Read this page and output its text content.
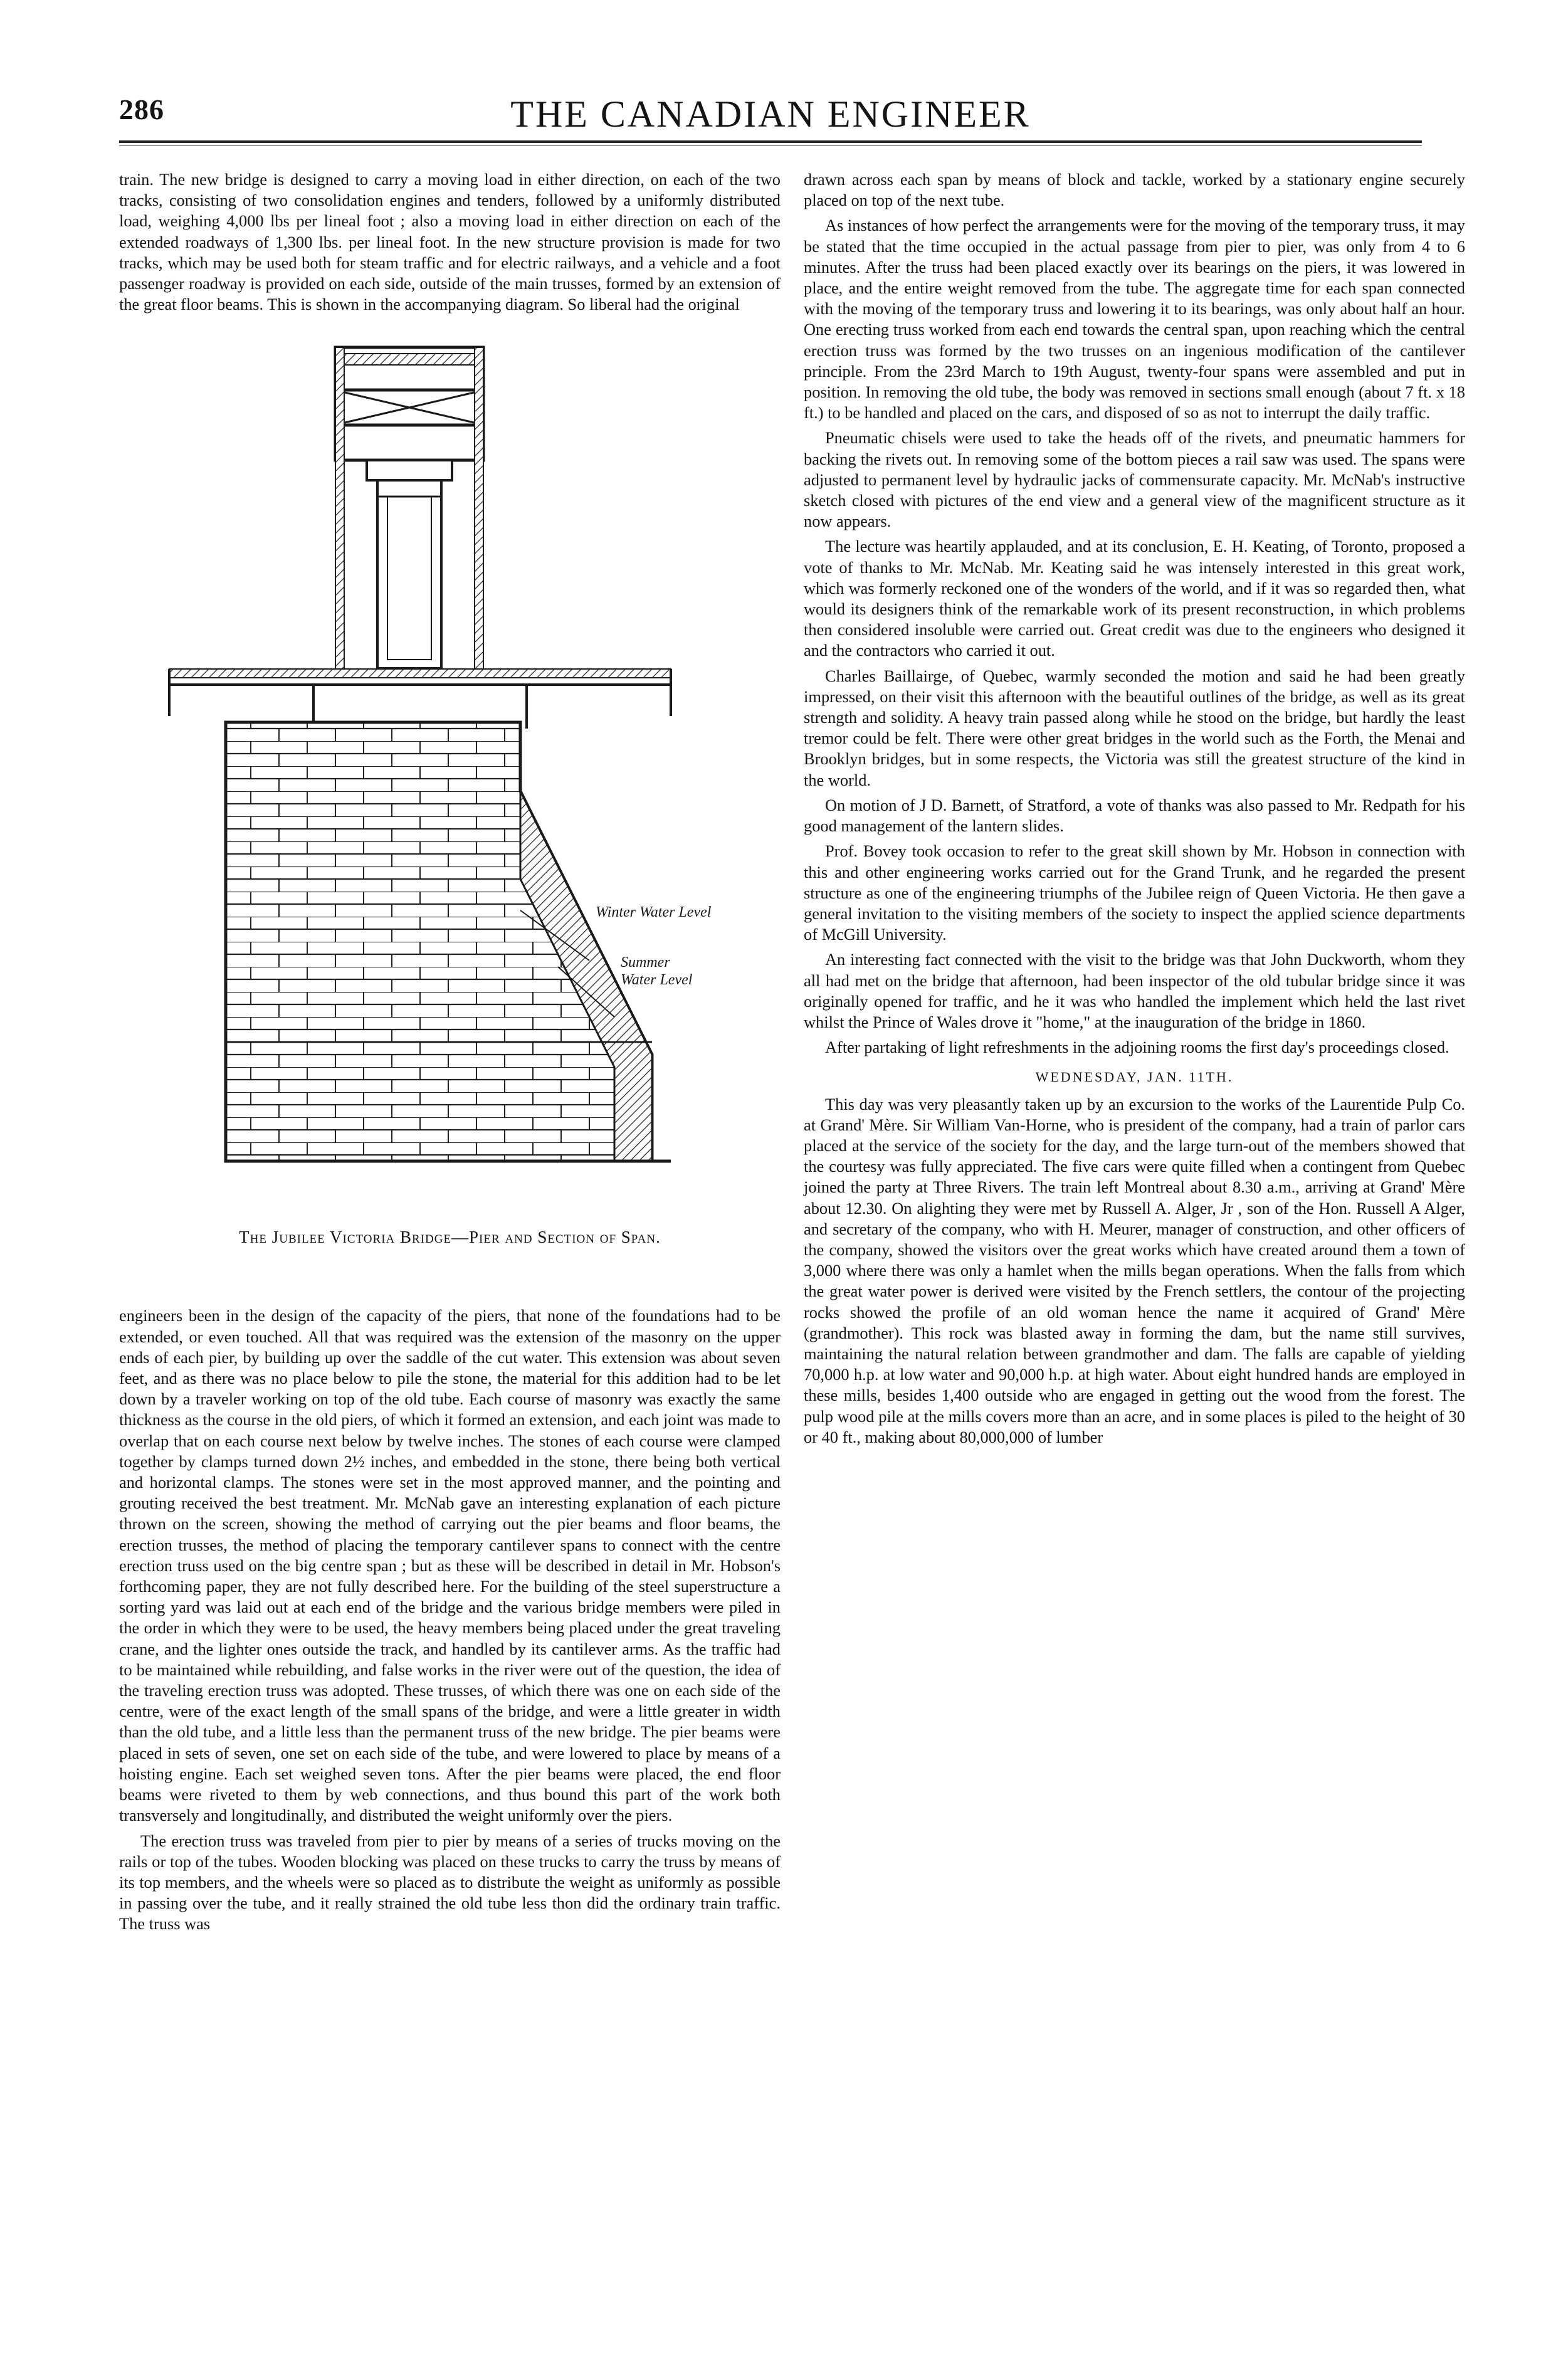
286	THE CANADIAN ENGINEER

train. The new bridge is designed to carry a moving load in either direction, on each of the two tracks, consisting of two consolidation engines and tenders, followed by a uniformly distributed load, weighing 4,000 lbs per lineal foot ; also a moving load in either direction on each of the extended roadways of 1,300 lbs. per lineal foot. In the new structure provision is made for two tracks, which may be used both for steam traffic and for electric railways, and a vehicle and a foot passenger roadway is provided on each side, outside of the main trusses, formed by an extension of the great floor beams. This is shown in the accompanying diagram. So liberal had the original

Winter Water Level
Summer
Water Level
The Jubilee Victoria Bridge—Pier and Section of Span.

engineers been in the design of the capacity of the piers, that none of the foundations had to be extended, or even touched. All that was required was the extension of the masonry on the upper ends of each pier, by building up over the saddle of the cut water. This extension was about seven feet, and as there was no place below to pile the stone, the material for this addition had to be let down by a traveler working on top of the old tube. Each course of masonry was exactly the same thickness as the course in the old piers, of which it formed an extension, and each joint was made to overlap that on each course next below by twelve inches. The stones of each course were clamped together by clamps turned down 2½ inches, and embedded in the stone, there being both vertical and horizontal clamps. The stones were set in the most approved manner, and the pointing and grouting received the best treatment. Mr. McNab gave an interesting explanation of each picture thrown on the screen, showing the method of carrying out the pier beams and floor beams, the erection trusses, the method of placing the temporary cantilever spans to connect with the centre erection truss used on the big centre span ; but as these will be described in detail in Mr. Hobson's forthcoming paper, they are not fully described here. For the building of the steel superstructure a sorting yard was laid out at each end of the bridge and the various bridge members were piled in the order in which they were to be used, the heavy members being placed under the great traveling crane, and the lighter ones outside the track, and handled by its cantilever arms. As the traffic had to be maintained while rebuilding, and false works in the river were out of the question, the idea of the traveling erection truss was adopted. These trusses, of which there was one on each side of the centre, were of the exact length of the small spans of the bridge, and were a little greater in width than the old tube, and a little less than the permanent truss of the new bridge. The pier beams were placed in sets of seven, one set on each side of the tube, and were lowered to place by means of a hoisting engine. Each set weighed seven tons. After the pier beams were placed, the end floor beams were riveted to them by web connections, and thus bound this part of the work both transversely and longitudinally, and distributed the weight uniformly over the piers.

The erection truss was traveled from pier to pier by means of a series of trucks moving on the rails or top of the tubes. Wooden blocking was placed on these trucks to carry the truss by means of its top members, and the wheels were so placed as to distribute the weight as uniformly as possible in passing over the tube, and it really strained the old tube less thon did the ordinary train traffic. The truss was

drawn across each span by means of block and tackle, worked by a stationary engine securely placed on top of the next tube.

As instances of how perfect the arrangements were for the moving of the temporary truss, it may be stated that the time occupied in the actual passage from pier to pier, was only from 4 to 6 minutes. After the truss had been placed exactly over its bearings on the piers, it was lowered in place, and the entire weight removed from the tube. The aggregate time for each span connected with the moving of the temporary truss and lowering it to its bearings, was only about half an hour. One erecting truss worked from each end towards the central span, upon reaching which the central erection truss was formed by the two trusses on an ingenious modification of the cantilever principle. From the 23rd March to 19th August, twenty-four spans were assembled and put in position. In removing the old tube, the body was removed in sections small enough (about 7 ft. x 18 ft.) to be handled and placed on the cars, and disposed of so as not to interrupt the daily traffic.

Pneumatic chisels were used to take the heads off of the rivets, and pneumatic hammers for backing the rivets out. In removing some of the bottom pieces a rail saw was used. The spans were adjusted to permanent level by hydraulic jacks of commensurate capacity. Mr. McNab's instructive sketch closed with pictures of the end view and a general view of the magnificent structure as it now appears.

The lecture was heartily applauded, and at its conclusion, E. H. Keating, of Toronto, proposed a vote of thanks to Mr. McNab. Mr. Keating said he was intensely interested in this great work, which was formerly reckoned one of the wonders of the world, and if it was so regarded then, what would its designers think of the remarkable work of its present reconstruction, in which problems then considered insoluble were carried out. Great credit was due to the engineers who designed it and the contractors who carried it out.

Charles Baillairge, of Quebec, warmly seconded the motion and said he had been greatly impressed, on their visit this afternoon with the beautiful outlines of the bridge, as well as its great strength and solidity. A heavy train passed along while he stood on the bridge, but hardly the least tremor could be felt. There were other great bridges in the world such as the Forth, the Menai and Brooklyn bridges, but in some respects, the Victoria was still the greatest structure of the kind in the world.

On motion of J D. Barnett, of Stratford, a vote of thanks was also passed to Mr. Redpath for his good management of the lantern slides.

Prof. Bovey took occasion to refer to the great skill shown by Mr. Hobson in connection with this and other engineering works carried out for the Grand Trunk, and he regarded the present structure as one of the engineering triumphs of the Jubilee reign of Queen Victoria. He then gave a general invitation to the visiting members of the society to inspect the applied science departments of McGill University.

An interesting fact connected with the visit to the bridge was that John Duckworth, whom they all had met on the bridge that afternoon, had been inspector of the old tubular bridge since it was originally opened for traffic, and he it was who handled the implement which held the last rivet whilst the Prince of Wales drove it "home," at the inauguration of the bridge in 1860.

After partaking of light refreshments in the adjoining rooms the first day's proceedings closed.

WEDNESDAY, JAN. 11TH.

This day was very pleasantly taken up by an excursion to the works of the Laurentide Pulp Co. at Grand' Mère. Sir William Van-Horne, who is president of the company, had a train of parlor cars placed at the service of the society for the day, and the large turn-out of the members showed that the courtesy was fully appreciated. The five cars were quite filled when a contingent from Quebec joined the party at Three Rivers. The train left Montreal about 8.30 a.m., arriving at Grand' Mère about 12.30. On alighting they were met by Russell A. Alger, Jr , son of the Hon. Russell A Alger, and secretary of the company, who with H. Meurer, manager of construction, and other officers of the company, showed the visitors over the great works which have created around them a town of 3,000 where there was only a hamlet when the mills began operations. When the falls from which the great water power is derived were visited by the French settlers, the contour of the projecting rocks showed the profile of an old woman hence the name it acquired of Grand' Mère (grandmother). This rock was blasted away in forming the dam, but the name still survives, maintaining the natural relation between grandmother and dam. The falls are capable of yielding 70,000 h.p. at low water and 90,000 h.p. at high water. About eight hundred hands are employed in these mills, besides 1,400 outside who are engaged in getting out the wood from the forest. The pulp wood pile at the mills covers more than an acre, and in some places is piled to the height of 30 or 40 ft., making about 80,000,000 of lumber
